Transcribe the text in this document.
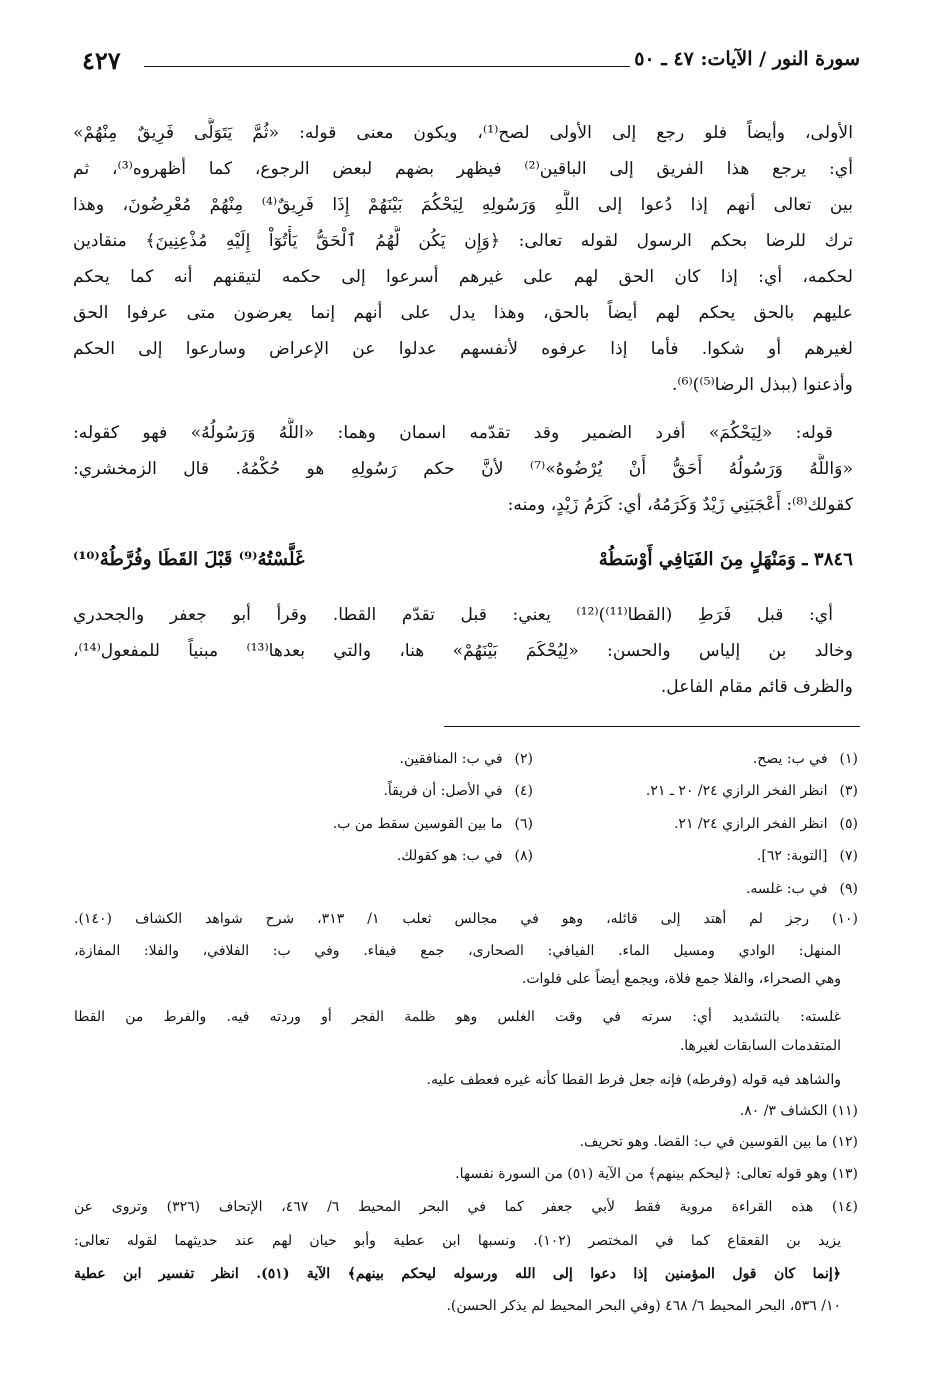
سورة النور / الآيات: ٤٧ ـ ٥٠
٤٢٧
الأولى، وأيضاً فلو رجع إلى الأولى لصح⁽¹⁾، ويكون معنى قوله: «ثُمَّ يَتَوَلَّى فَرِيقٌ مِنْهُمْ»
أي: يرجع هذا الفريق إلى الباقين⁽²⁾ فيظهر بضهم لبعض الرجوع، كما أظهروه⁽³⁾، ثم
بين تعالى أنهم إذا دُعوا إلى اللَّهِ وَرَسُولِهِ لِيَحْكُمَ بَيْنَهُمْ إِذَا فَرِيقٌ⁽⁴⁾ مِنْهُمْ مُعْرِضُونَ، وهذا
ترك للرضا بحكم الرسول لقوله تعالى: ﴿وَإِن يَكُن لَّهُمُ ٱلْحَقُّ يَأْتُوٓاْ إِلَيْهِ مُذْعِنِينَ﴾ منقادين
لحكمه، أي: إذا كان الحق لهم على غيرهم أسرعوا إلى حكمه لتيقنهم أنه كما يحكم
عليهم بالحق يحكم لهم أيضاً بالحق، وهذا يدل على أنهم إنما يعرضون متى عرفوا الحق
لغيرهم أو شكوا. فأما إذا عرفوه لأنفسهم عدلوا عن الإعراض وسارعوا إلى الحكم
وأذعنوا (ببذل الرضا⁽⁵⁾)⁽⁶⁾.
قوله: «لِيَحْكُمَ» أفرد الضمير وقد تقدّمه اسمان وهما: «اللَّهُ وَرَسُولُهُ» فهو كقوله:
«وَاللَّهُ وَرَسُولُهُ أَحَقُّ أَنْ يُرْضُوهُ»⁽⁷⁾ لأنَّ حكم رَسُولِهِ هو حُكْمُهُ. قال الزمخشري:
كقولك⁽⁸⁾: أَعْجَبَنِي زَيْدٌ وَكَرَمُهُ، أي: كَرَمُ زَيْدٍ، ومنه:
٣٨٤٦ ـ وَمَنْهَلٍ مِنَ الفَيَافِي أَوْسَطُهْ
غَلَّسْتُهُ⁽⁹⁾ قَبْلَ القَطَا وفُرَّطُهْ⁽¹⁰⁾
أي: قبل فَرَطِ (القطا⁽¹¹⁾)⁽¹²⁾ يعني: قبل تقدّم القطا. وقرأ أبو جعفر والجحدري
وخالد بن إلياس والحسن: «لِيُحْكَمَ بَيْنَهُمْ» هنا، والتي بعدها⁽¹³⁾ مبنياً للمفعول⁽¹⁴⁾،
والظرف قائم مقام الفاعل.
(١)في ب: يصح.
(٢)في ب: المنافقين.
(٣)انظر الفخر الرازي ٢٤/ ٢٠ ـ ٢١.
(٤)في الأصل: أن فريقاً.
(٥)انظر الفخر الرازي ٢٤/ ٢١.
(٦)ما بين القوسين سقط من ب.
(٧)[التوبة: ٦٢].
(٨)في ب: هو كقولك.
(٩)في ب: غلسه.
(١٠) رجز لم أهتد إلى قائله، وهو في مجالس ثعلب ١/ ٣١٣، شرح شواهد الكشاف (١٤٠).
المنهل: الوادي ومسيل الماء. الفيافي: الصحارى، جمع فيفاء. وفي ب: الفلافي، والفلا: المفازة،
وهي الصحراء، والفلا جمع فلاة، ويجمع أيضاً على فلوات.
غلسته: بالتشديد أي: سرته في وقت الغلس وهو ظلمة الفجر أو وردته فيه. والفرط من القطا
المتقدمات السابقات لغيرها.
والشاهد فيه قوله (وفرطه) فإنه جعل فرط القطا كأنه غيره فعطف عليه.
(١١) الكشاف ٣/ ٨٠.
(١٢) ما بين القوسين في ب: القضا. وهو تحريف.
(١٣) وهو قوله تعالى: ﴿ليحكم بينهم﴾ من الآية (٥١) من السورة نفسها.
(١٤) هذه القراءة مروية فقط لأبي جعفر كما في البحر المحيط ٦/ ٤٦٧، الإتحاف (٣٢٦) وتروى عن
يزيد بن القعقاع كما في المختصر (١٠٢). ونسبها ابن عطية وأبو حيان لهم عند حديثهما لقوله تعالى:
﴿إنما كان قول المؤمنين إذا دعوا إلى الله ورسوله ليحكم بينهم﴾ الآية (٥١). انظر تفسير ابن عطية
١٠/ ٥٣٦، البحر المحيط ٦/ ٤٦٨ (وفي البحر المحيط لم يذكر الحسن).
